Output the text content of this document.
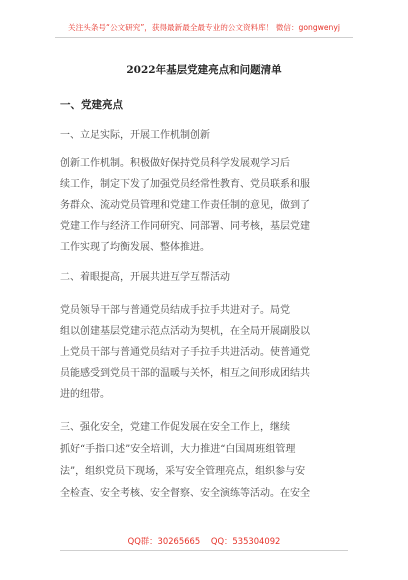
关注头条号“公文研究”，获得最新最全最专业的公文资料库！ 微信：gongwenyj
2022年基层党建亮点和问题清单
一、党建亮点
一、立足实际，开展工作机制创新
创新工作机制。积极做好保持党员科学发展观学习后
续工作，制定下发了加强党员经常性教育、党员联系和服
务群众、流动党员管理和党建工作责任制的意见，做到了
党建工作与经济工作同研究、同部署、同考核，基层党建
工作实现了均衡发展、整体推进。
二、着眼提高，开展共进互学互帮活动
党员领导干部与普通党员结成手拉手共进对子。局党
组以创建基层党建示范点活动为契机，在全局开展副股以
上党员干部与普通党员结对子手拉手共进活动。使普通党
员能感受到党员干部的温暖与关怀，相互之间形成团结共
进的纽带。
三、强化安全，党建工作促发展在安全工作上，继续
抓好“手指口述”安全培训，大力推进“白国周班组管理
法”，组织党员下现场，采写安全管理亮点，组织参与安
全检查、安全考核、安全督察、安全演练等活动。在安全
QQ群：30265665 QQ：535304092
